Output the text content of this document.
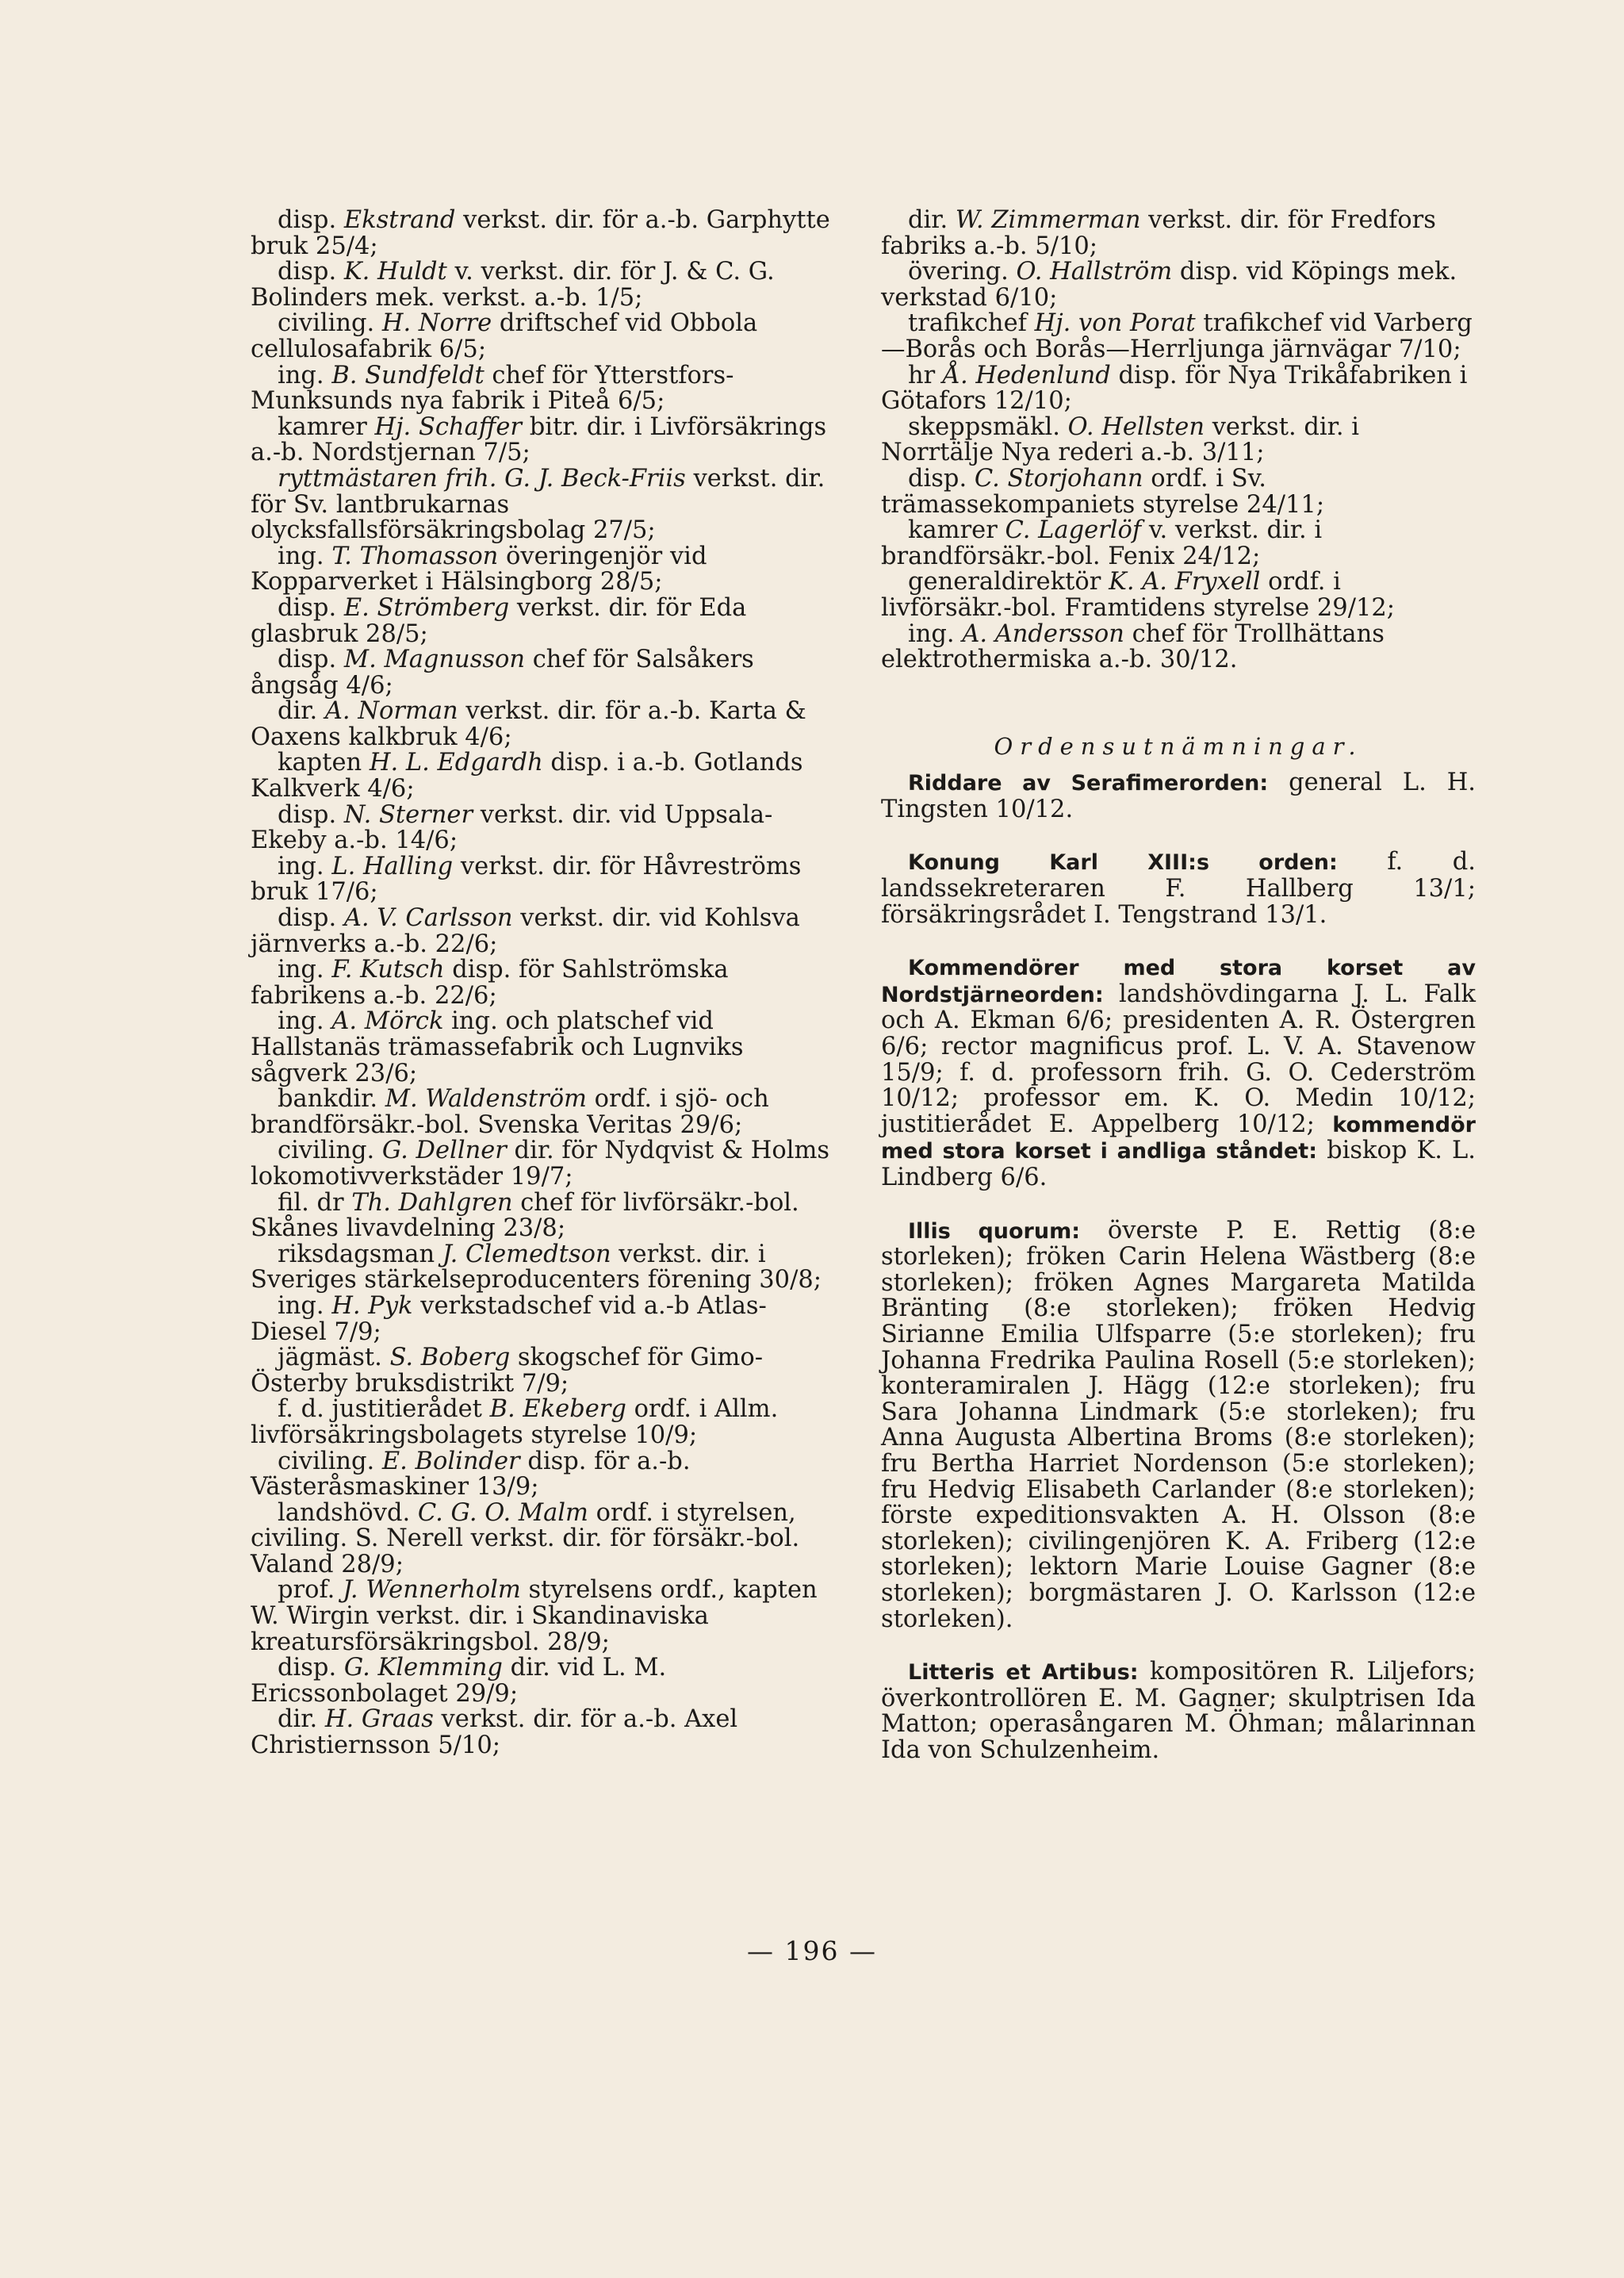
disp. Ekstrand verkst. dir. för a.-b. Garphytte bruk 25/4;

disp. K. Huldt v. verkst. dir. för J. & C. G. Bolinders mek. verkst. a.-b. 1/5;

civiling. H. Norre driftschef vid Obbola cellulosafabrik 6/5;

ing. B. Sundfeldt chef för Ytterstfors-Munksunds nya fabrik i Piteå 6/5;

kamrer Hj. Schaffer bitr. dir. i Livförsäkrings a.-b. Nordstjernan 7/5;

ryttmästaren frih. G. J. Beck-Friis verkst. dir. för Sv. lantbrukarnas olycksfallsförsäkringsbolag 27/5;

ing. T. Thomasson överingenjör vid Kopparverket i Hälsingborg 28/5;

disp. E. Strömberg verkst. dir. för Eda glasbruk 28/5;

disp. M. Magnusson chef för Salsåkers ångsåg 4/6;

dir. A. Norman verkst. dir. för a.-b. Karta & Oaxens kalkbruk 4/6;

kapten H. L. Edgardh disp. i a.-b. Gotlands Kalkverk 4/6;

disp. N. Sterner verkst. dir. vid Uppsala-Ekeby a.-b. 14/6;

ing. L. Halling verkst. dir. för Håvreströms bruk 17/6;

disp. A. V. Carlsson verkst. dir. vid Kohlsva järnverks a.-b. 22/6;

ing. F. Kutsch disp. för Sahlströmska fabrikens a.-b. 22/6;

ing. A. Mörck ing. och platschef vid Hallstanäs trämassefabrik och Lugnviks sågverk 23/6;

bankdir. M. Waldenström ordf. i sjö- och brandförsäkr.-bol. Svenska Veritas 29/6;

civiling. G. Dellner dir. för Nydqvist & Holms lokomotivverkstäder 19/7;

fil. dr Th. Dahlgren chef för livförsäkr.-bol. Skånes livavdelning 23/8;

riksdagsman J. Clemedtson verkst. dir. i Sveriges stärkelseproducenters förening 30/8;

ing. H. Pyk verkstadschef vid a.-b Atlas-Diesel 7/9;

jägmäst. S. Boberg skogschef för Gimo-Österby bruksdistrikt 7/9;

f. d. justitierådet B. Ekeberg ordf. i Allm. livförsäkringsbolagets styrelse 10/9;

civiling. E. Bolinder disp. för a.-b. Västeråsmaskiner 13/9;

landshövd. C. G. O. Malm ordf. i styrelsen, civiling. S. Nerell verkst. dir. för försäkr.-bol. Valand 28/9;

prof. J. Wennerholm styrelsens ordf., kapten W. Wirgin verkst. dir. i Skandinaviska kreatursförsäkringsbol. 28/9;

disp. G. Klemming dir. vid L. M. Ericssonbolaget 29/9;

dir. H. Graas verkst. dir. för a.-b. Axel Christiernsson 5/10;

dir. W. Zimmerman verkst. dir. för Fredfors fabriks a.-b. 5/10;

övering. O. Hallström disp. vid Köpings mek. verkstad 6/10;

trafikchef Hj. von Porat trafikchef vid Varberg—Borås och Borås—Herrljunga järnvägar 7/10;

hr Å. Hedenlund disp. för Nya Trikåfabriken i Götafors 12/10;

skeppsmäkl. O. Hellsten verkst. dir. i Norrtälje Nya rederi a.-b. 3/11;

disp. C. Storjohann ordf. i Sv. trämassekompaniets styrelse 24/11;

kamrer C. Lagerlöf v. verkst. dir. i brandförsäkr.-bol. Fenix 24/12;

generaldirektör K. A. Fryxell ordf. i livförsäkr.-bol. Framtidens styrelse 29/12;

ing. A. Andersson chef för Trollhättans elektrothermiska a.-b. 30/12.

Ordensutnämningar.

Riddare av Serafimerorden: general L. H. Tingsten 10/12.

Konung Karl XIII:s orden: f. d. landssekreteraren F. Hallberg 13/1; försäkringsrådet I. Tengstrand 13/1.

Kommendörer med stora korset av Nordstjärneorden: landshövdingarna J. L. Falk och A. Ekman 6/6; presidenten A. R. Östergren 6/6; rector magnificus prof. L. V. A. Stavenow 15/9; f. d. professorn frih. G. O. Cederström 10/12; professor em. K. O. Medin 10/12; justitierådet E. Appelberg 10/12; kommendör med stora korset i andliga ståndet: biskop K. L. Lindberg 6/6.

Illis quorum: överste P. E. Rettig (8:e storleken); fröken Carin Helena Wästberg (8:e storleken); fröken Agnes Margareta Matilda Bränting (8:e storleken); fröken Hedvig Sirianne Emilia Ulfsparre (5:e storleken); fru Johanna Fredrika Paulina Rosell (5:e storleken); konteramiralen J. Hägg (12:e storleken); fru Sara Johanna Lindmark (5:e storleken); fru Anna Augusta Albertina Broms (8:e storleken); fru Bertha Harriet Nordenson (5:e storleken); fru Hedvig Elisabeth Carlander (8:e storleken); förste expeditionsvakten A. H. Olsson (8:e storleken); civilingenjören K. A. Friberg (12:e storleken); lektorn Marie Louise Gagner (8:e storleken); borgmästaren J. O. Karlsson (12:e storleken).

Litteris et Artibus: kompositören R. Liljefors; överkontrollören E. M. Gagner; skulptrisen Ida Matton; operasångaren M. Öhman; målarinnan Ida von Schulzenheim.

— 196 —
